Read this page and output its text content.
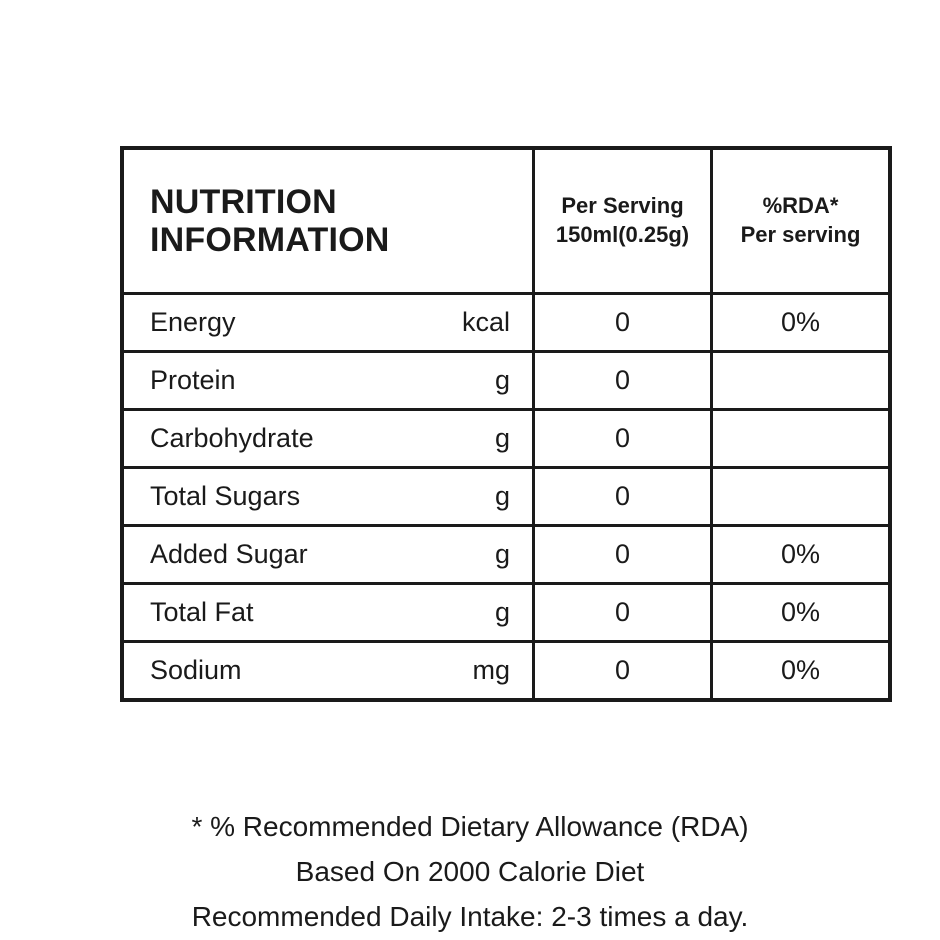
NUTRITION
INFORMATION

Per Serving
150ml(0.25g)

%RDA*
Per serving

Energy kcal	0	0%

Protein g	0	

Carbohydrate g	0	

Total Sugars g	0	

Added Sugar g	0	0%

Total Fat g	0	0%

Sodium mg	0	0%
* % Recommended Dietary Allowance (RDA)
Based On 2000 Calorie Diet
Recommended Daily Intake: 2-3 times a day.
